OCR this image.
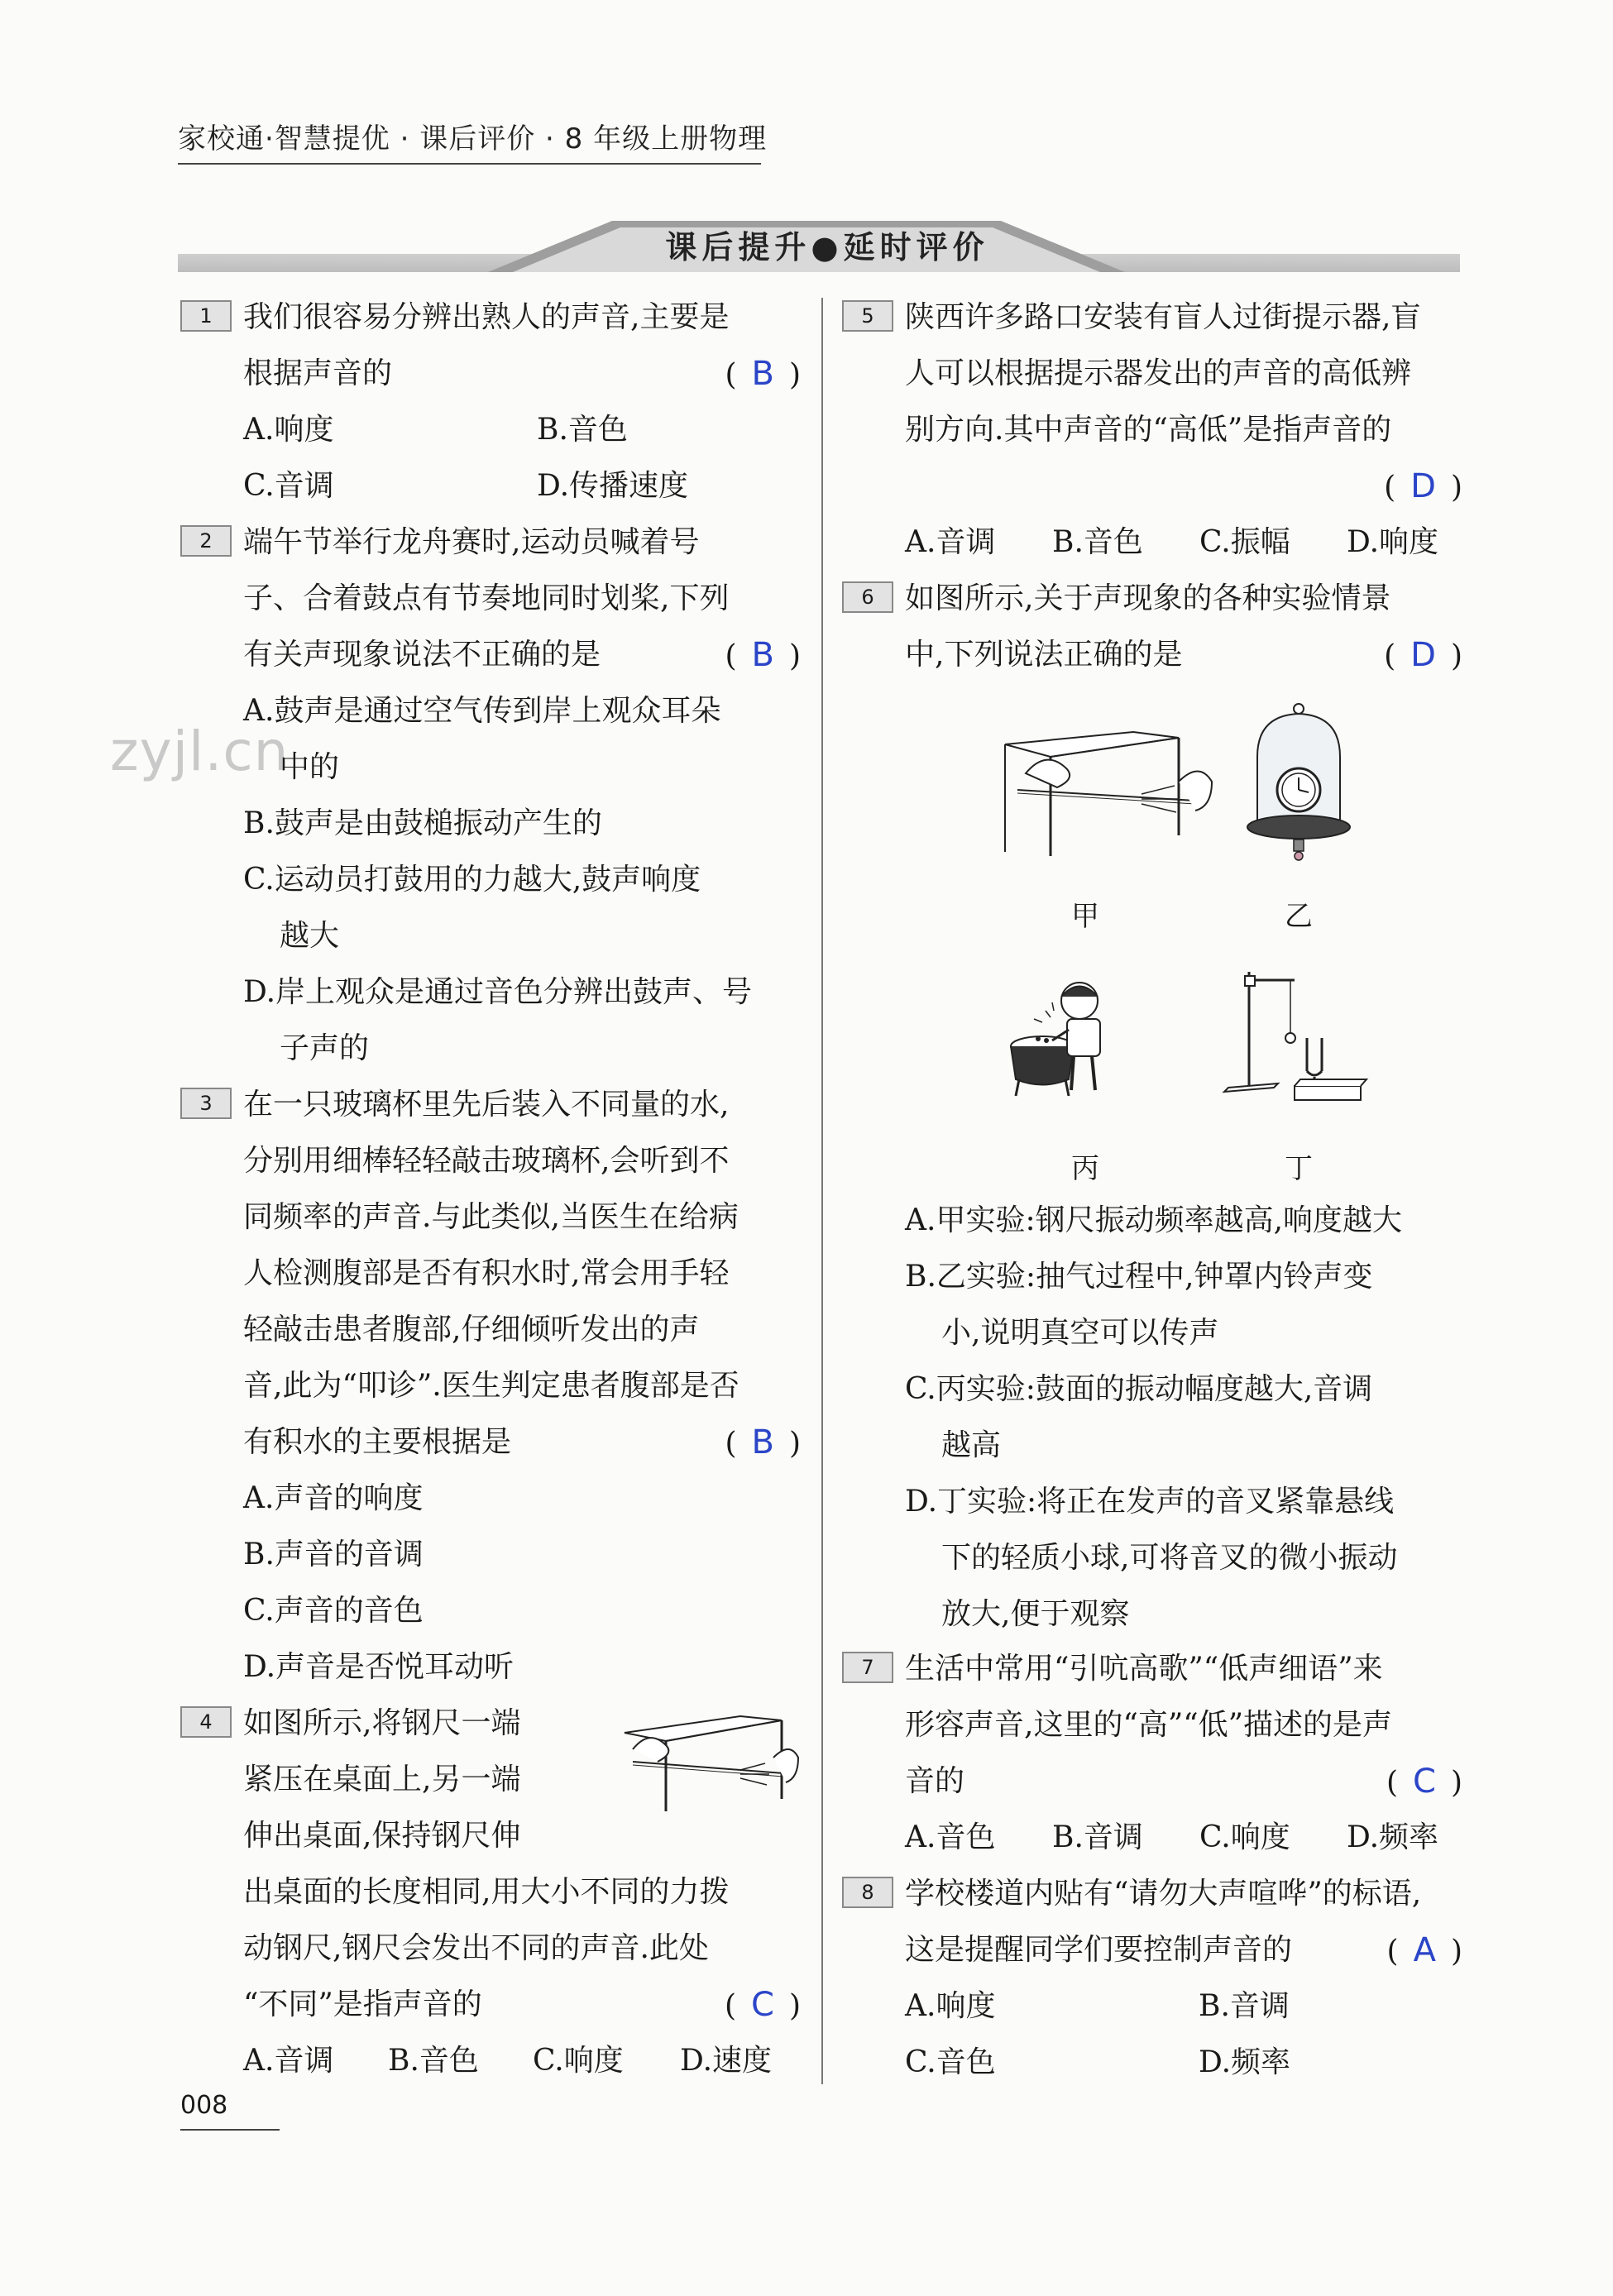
家校通·智慧提优 · 课后评价 · 8 年级上册物理
课后提升●延时评价
zyjl.cn
1 我们很容易分辨出熟人的声音,主要是
根据声音的	( B )
A.响度	B.音色
C.音调	D.传播速度
2 端午节举行龙舟赛时,运动员喊着号
子、合着鼓点有节奏地同时划桨,下列
有关声现象说法不正确的是	( B )
A.鼓声是通过空气传到岸上观众耳朵
中的
B.鼓声是由鼓槌振动产生的
C.运动员打鼓用的力越大,鼓声响度
越大
D.岸上观众是通过音色分辨出鼓声、号
子声的
3 在一只玻璃杯里先后装入不同量的水,
分别用细棒轻轻敲击玻璃杯,会听到不
同频率的声音.与此类似,当医生在给病
人检测腹部是否有积水时,常会用手轻
轻敲击患者腹部,仔细倾听发出的声
音,此为“叩诊”.医生判定患者腹部是否
有积水的主要根据是	( B )
A.声音的响度
B.声音的音调
C.声音的音色
D.声音是否悦耳动听
4 如图所示,将钢尺一端
紧压在桌面上,另一端
伸出桌面,保持钢尺伸
出桌面的长度相同,用大小不同的力拨
动钢尺,钢尺会发出不同的声音.此处
“不同”是指声音的	( C )
A.音调 B.音色 C.响度 D.速度
5 陕西许多路口安装有盲人过街提示器,盲
人可以根据提示器发出的声音的高低辨
别方向.其中声音的“高低”是指声音的
( D )
A.音调 B.音色 C.振幅 D.响度
6 如图所示,关于声现象的各种实验情景
中,下列说法正确的是	( D )
甲	乙
丙	丁
A.甲实验:钢尺振动频率越高,响度越大
B.乙实验:抽气过程中,钟罩内铃声变
小,说明真空可以传声
C.丙实验:鼓面的振动幅度越大,音调
越高
D.丁实验:将正在发声的音叉紧靠悬线
下的轻质小球,可将音叉的微小振动
放大,便于观察
7 生活中常用“引吭高歌”“低声细语”来
形容声音,这里的“高”“低”描述的是声
音的	( C )
A.音色 B.音调 C.响度 D.频率
8 学校楼道内贴有“请勿大声喧哗”的标语,
这是提醒同学们要控制声音的	( A )
A.响度	B.音调
C.音色	D.频率
008
